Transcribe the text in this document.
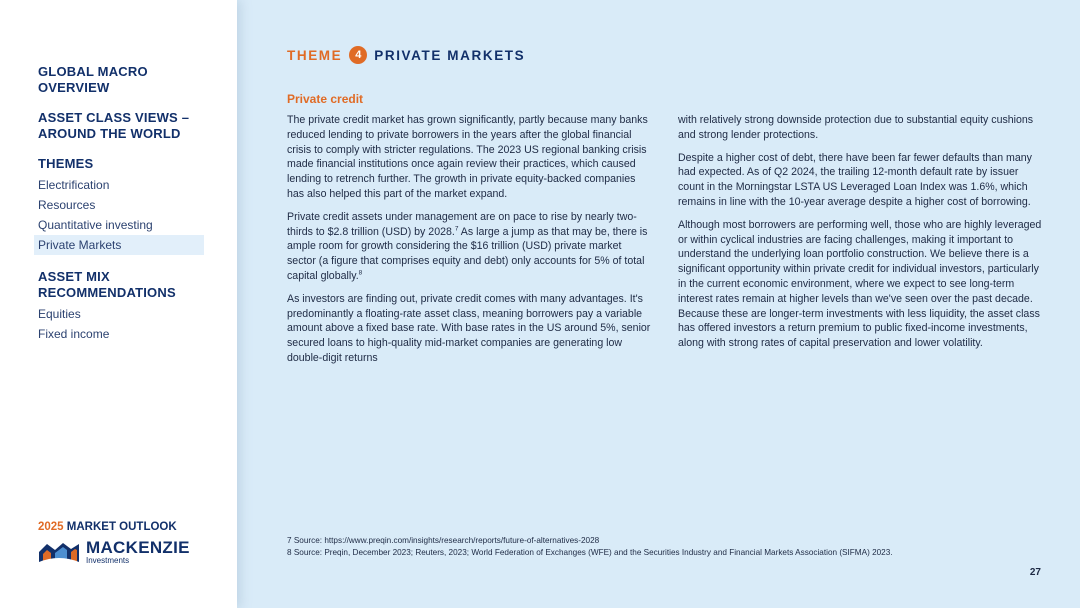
GLOBAL MACRO OVERVIEW
ASSET CLASS VIEWS – AROUND THE WORLD
THEMES
Electrification
Resources
Quantitative investing
Private Markets
ASSET MIX RECOMMENDATIONS
Equities
Fixed income
2025 MARKET OUTLOOK
MACKENZIE
Investments
THEME	4 PRIVATE MARKETS
Private credit

The private credit market has grown significantly, partly because many banks reduced lending to private borrowers in the years after the global financial crisis to comply with stricter regulations. The 2023 US regional banking crisis made financial institutions once again review their practices, which caused lending to retrench further. The growth in private equity-backed companies has also helped this part of the market expand.

Private credit assets under management are on pace to rise by nearly two-thirds to $2.8 trillion (USD) by 2028.$^7$ As large a jump as that may be, there is ample room for growth considering the $16 trillion (USD) private market sector (a figure that comprises equity and debt) only accounts for 5% of total capital globally.$^8$

As investors are finding out, private credit comes with many advantages. It's predominantly a floating-rate asset class, meaning borrowers pay a variable amount above a fixed base rate. With base rates in the US around 5%, senior secured loans to high-quality mid-market companies are generating low double-digit returns

with relatively strong downside protection due to substantial equity cushions and strong lender protections.

Despite a higher cost of debt, there have been far fewer defaults than many had expected. As of Q2 2024, the trailing 12-month default rate by issuer count in the Morningstar LSTA US Leveraged Loan Index was 1.6%, which remains in line with the 10-year average despite a higher cost of borrowing.

Although most borrowers are performing well, those who are highly leveraged or within cyclical industries are facing challenges, making it important to understand the underlying loan portfolio construction. We believe there is a significant opportunity within private credit for individual investors, particularly in the current economic environment, where we expect to see long-term interest rates remain at higher levels than we've seen over the past decade. Because these are longer-term investments with less liquidity, the asset class has offered investors a return premium to public fixed-income investments, along with strong rates of capital preservation and lower volatility.

7 Source: https://www.preqin.com/insights/research/reports/future-of-alternatives-2028
8 Source: Preqin, December 2023; Reuters, 2023; World Federation of Exchanges (WFE) and the Securities Industry and Financial Markets Association (SIFMA) 2023.
27
